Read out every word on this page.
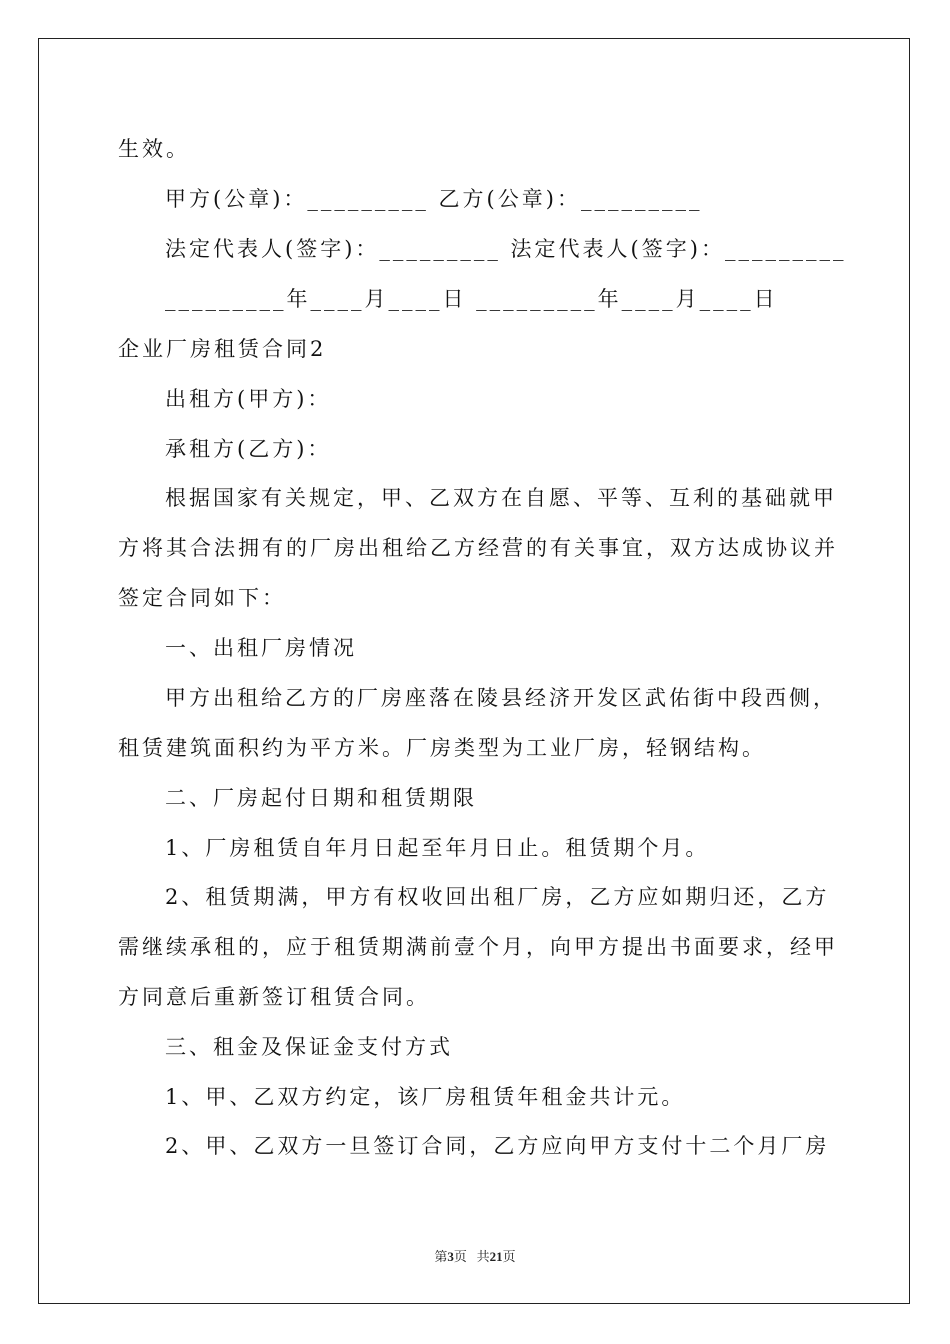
生效。
甲方(公章)：_________ 乙方(公章)：_________
法定代表人(签字)：_________ 法定代表人(签字)：_________
_________年____月____日 _________年____月____日
企业厂房租赁合同2
出租方(甲方)：
承租方(乙方)：
根据国家有关规定，甲、乙双方在自愿、平等、互利的基础就甲
方将其合法拥有的厂房出租给乙方经营的有关事宜，双方达成协议并
签定合同如下：
一、出租厂房情况
甲方出租给乙方的厂房座落在陵县经济开发区武佑街中段西侧，
租赁建筑面积约为平方米。厂房类型为工业厂房，轻钢结构。
二、厂房起付日期和租赁期限
1、厂房租赁自年月日起至年月日止。租赁期个月。
2、租赁期满，甲方有权收回出租厂房，乙方应如期归还，乙方
需继续承租的，应于租赁期满前壹个月，向甲方提出书面要求，经甲
方同意后重新签订租赁合同。
三、租金及保证金支付方式
1、甲、乙双方约定，该厂房租赁年租金共计元。
2、甲、乙双方一旦签订合同，乙方应向甲方支付十二个月厂房
第3页 共21页
